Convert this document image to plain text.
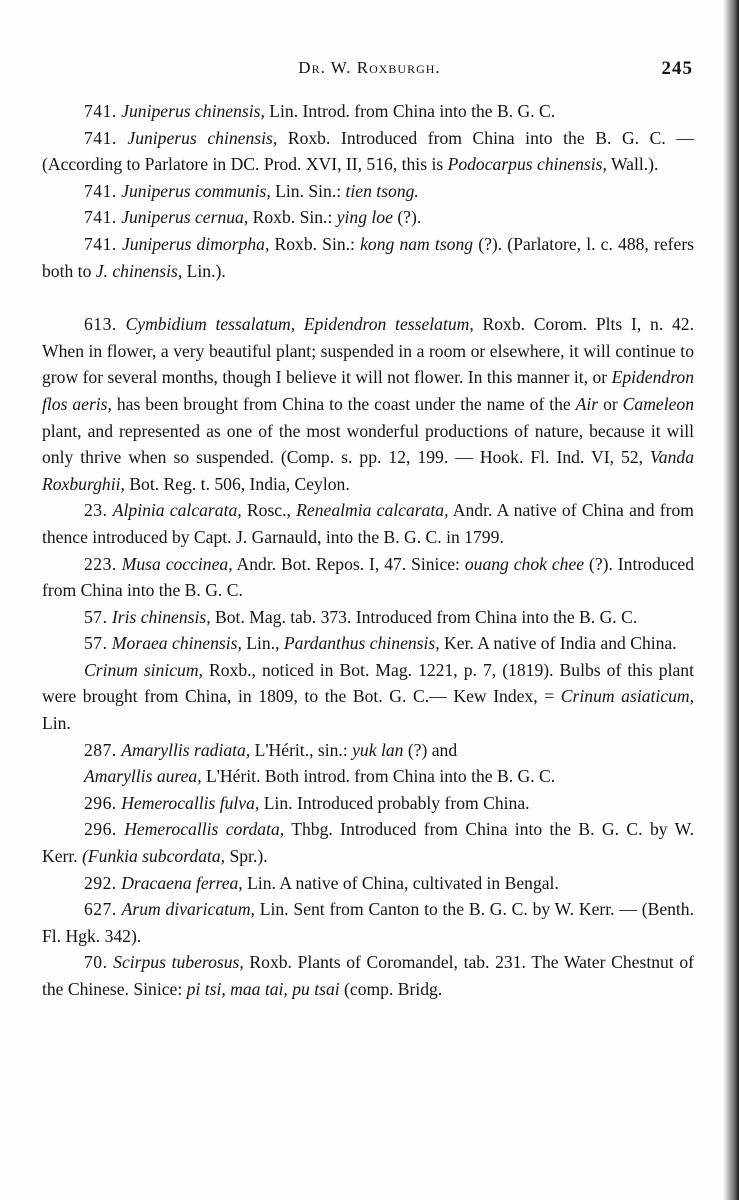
Dr. W. Roxburgh.	245

741. Juniperus chinensis, Lin. Introd. from China into the B. G. C.

741. Juniperus chinensis, Roxb. Introduced from China into the B. G. C. — (According to Parlatore in DC. Prod. XVI, II, 516, this is Podocarpus chinensis, Wall.).

741. Juniperus communis, Lin. Sin.: tien tsong.

741. Juniperus cernua, Roxb. Sin.: ying loe (?).

741. Juniperus dimorpha, Roxb. Sin.: kong nam tsong (?). (Parlatore, l. c. 488, refers both to J. chinensis, Lin.).

613. Cymbidium tessalatum, Epidendron tesselatum, Roxb. Corom. Plts I, n. 42. When in flower, a very beautiful plant; suspended in a room or elsewhere, it will continue to grow for several months, though I believe it will not flower. In this manner it, or Epidendron flos aeris, has been brought from China to the coast under the name of the Air or Cameleon plant, and represented as one of the most wonderful productions of nature, because it will only thrive when so suspended. (Comp. s. pp. 12, 199. — Hook. Fl. Ind. VI, 52, Vanda Roxburghii, Bot. Reg. t. 506, India, Ceylon.

23. Alpinia calcarata, Rosc., Renealmia calcarata, Andr. A native of China and from thence introduced by Capt. J. Garnauld, into the B. G. C. in 1799.

223. Musa coccinea, Andr. Bot. Repos. I, 47. Sinice: ouang chok chee (?). Introduced from China into the B. G. C.

57. Iris chinensis, Bot. Mag. tab. 373. Introduced from China into the B. G. C.

57. Moraea chinensis, Lin., Pardanthus chinensis, Ker. A native of India and China.

Crinum sinicum, Roxb., noticed in Bot. Mag. 1221, p. 7, (1819). Bulbs of this plant were brought from China, in 1809, to the Bot. G. C.— Kew Index, = Crinum asiaticum, Lin.

287. Amaryllis radiata, L'Hérit., sin.: yuk lan (?) and

Amaryllis aurea, L'Hérit. Both introd. from China into the B. G. C.

296. Hemerocallis fulva, Lin. Introduced probably from China.

296. Hemerocallis cordata, Thbg. Introduced from China into the B. G. C. by W. Kerr. (Funkia subcordata, Spr.).

292. Dracaena ferrea, Lin. A native of China, cultivated in Bengal.

627. Arum divaricatum, Lin. Sent from Canton to the B. G. C. by W. Kerr. — (Benth. Fl. Hgk. 342).

70. Scirpus tuberosus, Roxb. Plants of Coromandel, tab. 231. The Water Chestnut of the Chinese. Sinice: pi tsi, maa tai, pu tsai (comp. Bridg.
